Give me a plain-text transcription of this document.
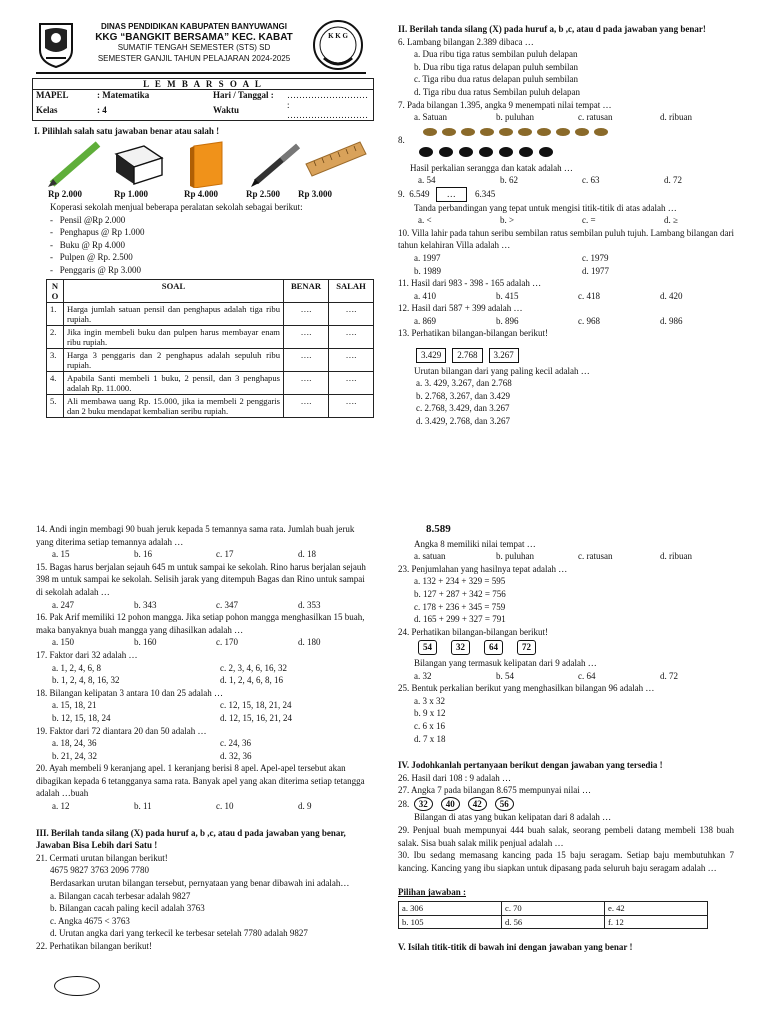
DINAS PENDIDIKAN KABUPATEN BANYUWANGI
KKG “BANGKIT BERSAMA” KEC. KABAT
SUMATIF TENGAH SEMESTER (STS) SD
SEMESTER GANJIL TAHUN PELAJARAN 2024-2025
K K G
L E M B A R S O A L
MAPEL	: Matematika	Hari / Tanggal :	………………………
Kelas	: 4	Waktu	: ………………………
I. Pilihlah salah satu jawaban benar atau salah !
Rp 2.000	Rp 1.000	Rp 4.000	Rp 2.500 Rp 3.000
Koperasi sekolah menjual beberapa peralatan sekolah sebagai berikut:
-   Pensil @Rp 2.000
-   Penghapus @ Rp 1.000
-   Buku @ Rp 4.000
-   Pulpen @ Rp. 2.500
-   Penggaris @ Rp 3.000
N O	SOAL	BENAR	SALAH
1.	Harga jumlah satuan pensil dan penghapus adalah tiga ribu rupiah.	….	….
2.	Jika ingin membeli buku dan pulpen harus membayar enam ribu rupiah.	….	….
3.	Harga 3 penggaris dan 2 penghapus adalah sepuluh ribu rupiah.	….	….
4.	Apabila Santi membeli 1 buku, 2 pensil, dan 3 penghapus adalah Rp. 11.000.	….	….
5.	Ali membawa uang Rp. 15.000, jika ia membeli 2 penggaris dan 2 buku mendapat kembalian seribu rupiah.	….	….
II. Berilah tanda silang (X) pada huruf a, b ,c, atau d pada jawaban yang benar!
6. Lambang bilangan 2.389 dibaca …
a. Dua ribu tiga ratus sembilan puluh delapan
b. Dua ribu tiga ratus delapan puluh sembilan
c. Tiga ribu dua ratus delapan puluh sembilan
d. Tiga ribu dua ratus Sembilan puluh delapan
7. Pada bilangan 1.395, angka 9 menempati nilai tempat …
a. Satuan	b. puluhan	c. ratusan	d. ribuan
8.
Hasil perkalian serangga dan katak adalah …
a. 54	b. 62	c. 63	d. 72
9. 6.549 … 6.345
Tanda perbandingan yang tepat untuk mengisi titik-titik di atas adalah …
a. <	b. >	c. =	d. ≥
10. Villa lahir pada tahun seribu sembilan ratus sembilan puluh tujuh. Lambang bilangan dari tahun kelahiran Villa adalah …
a. 1997	c. 1979
b. 1989	d. 1977
11. Hasil dari 983 - 398 - 165 adalah …
a. 410	b. 415	c. 418	d. 420
12. Hasil dari 587 + 399 adalah …
a. 869	b. 896	c. 968	d. 986
13. Perhatikan bilangan-bilangan berikut!
3.429 2.768 3.267
Urutan bilangan dari yang paling kecil adalah …
a. 3. 429, 3.267, dan 2.768
b. 2.768, 3.267, dan 3.429
c. 2.768, 3.429, dan 3.267
d. 3.429, 2.768, dan 3.267
14. Andi ingin membagi 90 buah jeruk kepada 5 temannya sama rata. Jumlah buah jeruk yang diterima setiap temannya adalah …
a. 15	b. 16	c. 17	d. 18
15. Bagas harus berjalan sejauh 645 m untuk sampai ke sekolah. Rino harus berjalan sejauh 398 m untuk sampai ke sekolah. Selisih jarak yang ditempuh Bagas dan Rino untuk sampai di sekolah adalah …
a. 247	b. 343	c. 347	d. 353
16. Pak Arif memiliki 12 pohon mangga. Jika setiap pohon mangga menghasilkan 15 buah, maka banyaknya buah mangga yang dihasilkan adalah …
a. 150	b. 160	c. 170	d. 180
17. Faktor dari 32 adalah …
a. 1, 2, 4, 6, 8	c. 2, 3, 4, 6, 16, 32
b. 1, 2, 4, 8, 16, 32	d. 1, 2, 4, 6, 8, 16
18. Bilangan kelipatan 3 antara 10 dan 25 adalah …
a. 15, 18, 21	c. 12, 15, 18, 21, 24
b. 12, 15, 18, 24	d. 12, 15, 16, 21, 24
19. Faktor dari 72 diantara 20 dan 50 adalah …
a. 18, 24, 36	c. 24, 36
b. 21, 24, 32	d. 32, 36
20. Ayah membeli 9 keranjang apel. 1 keranjang berisi 8 apel. Apel-apel tersebut akan dibagikan kepada 6 tetangganya sama rata. Banyak apel yang akan diterima setiap tetangga adalah …buah
a. 12	b. 11	c. 10	d. 9
III. Berilah tanda silang (X) pada huruf a, b ,c, atau d pada jawaban yang benar, Jawaban Bisa Lebih dari Satu !
21. Cermati urutan bilangan berikut!
4675 9827 3763 2096 7780
Berdasarkan urutan bilangan tersebut, pernyataan yang benar dibawah ini adalah…
a. Bilangan cacah terbesar adalah 9827
b. Bilangan cacah paling kecil adalah 3763
c. Angka 4675 < 3763
d. Urutan angka dari yang terkecil ke terbesar setelah 7780 adalah 9827
22. Perhatikan bilangan berikut!
8.589
Angka 8 memiliki nilai tempat …
a. satuan	b. puluhan	c. ratusan	d. ribuan
23. Penjumlahan yang hasilnya tepat adalah …
a. 132 + 234 + 329 = 595
b. 127 + 287 + 342 = 756
c. 178 + 236 + 345 = 759
d. 165 + 299 + 327 = 791
24. Perhatikan bilangan-bilangan berikut!
54	32	64	72
Bilangan yang termasuk kelipatan dari 9 adalah …
a. 32	b. 54	c. 64	d. 72
25. Bentuk perkalian berikut yang menghasilkan bilangan 96 adalah …
a. 3 x 32
b. 9 x 12
c. 6 x 16
d. 7 x 18
IV. Jodohkanlah pertanyaan berikut dengan jawaban yang tersedia !
26. Hasil dari 108 : 9 adalah …
27. Angka 7 pada bilangan 8.675 mempunyai nilai …
28. 32 40 42 56
Bilangan di atas yang bukan kelipatan dari 8 adalah …
29. Penjual buah mempunyai 444 buah salak, seorang pembeli datang membeli 138 buah salak. Sisa buah salak milik penjual adalah …
30. Ibu sedang memasang kancing pada 15 baju seragam. Setiap baju membutuhkan 7 kancing. Kancing yang ibu siapkan untuk dipasang pada seluruh baju seragam adalah …
Pilihan jawaban :
a. 306	c. 70	e. 42
b. 105	d. 56	f. 12
V. Isilah titik-titik di bawah ini dengan jawaban yang benar !
